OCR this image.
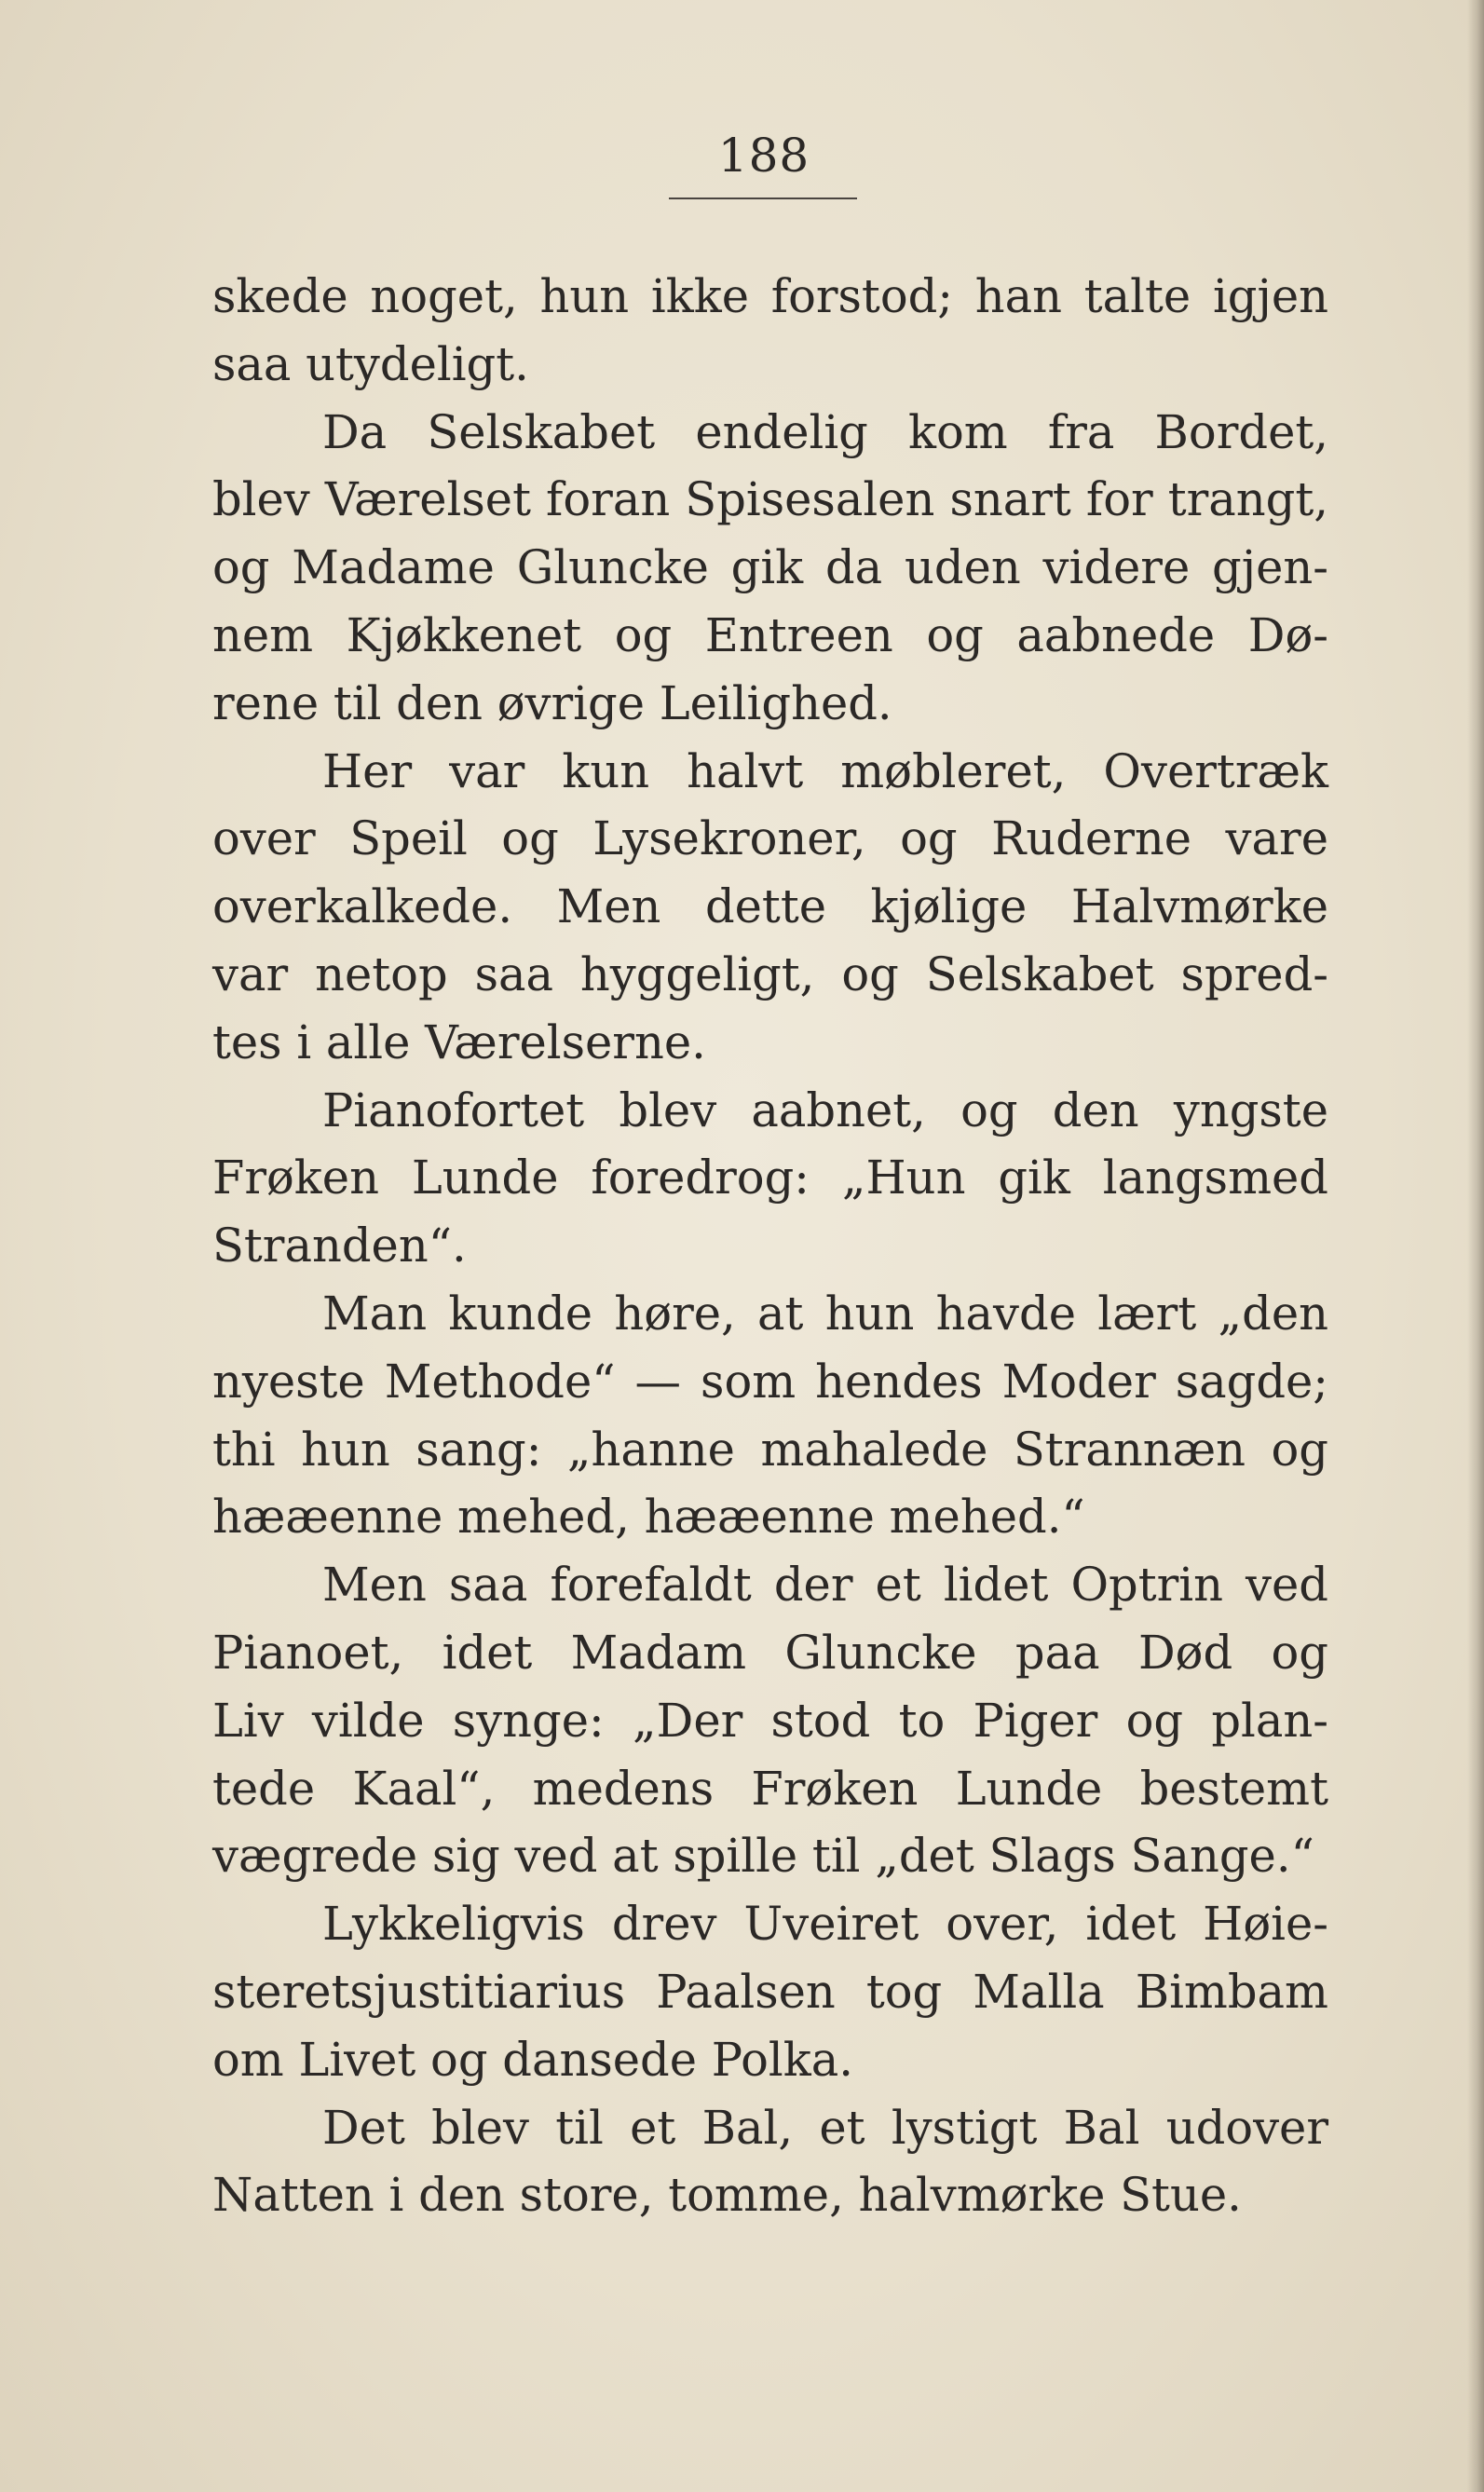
188
skede noget, hun ikke forstod; han talte igjen
saa utydeligt.
Da Selskabet endelig kom fra Bordet,
blev Værelset foran Spisesalen snart for trangt,
og Madame Gluncke gik da uden videre gjen-
nem Kjøkkenet og Entreen og aabnede Dø-
rene til den øvrige Leilighed.
Her var kun halvt møbleret, Overtræk
over Speil og Lysekroner, og Ruderne vare
overkalkede. Men dette kjølige Halvmørke
var netop saa hyggeligt, og Selskabet spred-
tes i alle Værelserne.
Pianofortet blev aabnet, og den yngste
Frøken Lunde foredrog: „Hun gik langsmed
Stranden“.
Man kunde høre, at hun havde lært „den
nyeste Methode“ — som hendes Moder sagde;
thi hun sang: „hanne mahalede Strannæn og
hææenne mehed, hææenne mehed.“
Men saa forefaldt der et lidet Optrin ved
Pianoet, idet Madam Gluncke paa Død og
Liv vilde synge: „Der stod to Piger og plan-
tede Kaal“, medens Frøken Lunde bestemt
vægrede sig ved at spille til „det Slags Sange.“
Lykkeligvis drev Uveiret over, idet Høie-
steretsjustitiarius Paalsen tog Malla Bimbam
om Livet og dansede Polka.
Det blev til et Bal, et lystigt Bal udover
Natten i den store, tomme, halvmørke Stue.
